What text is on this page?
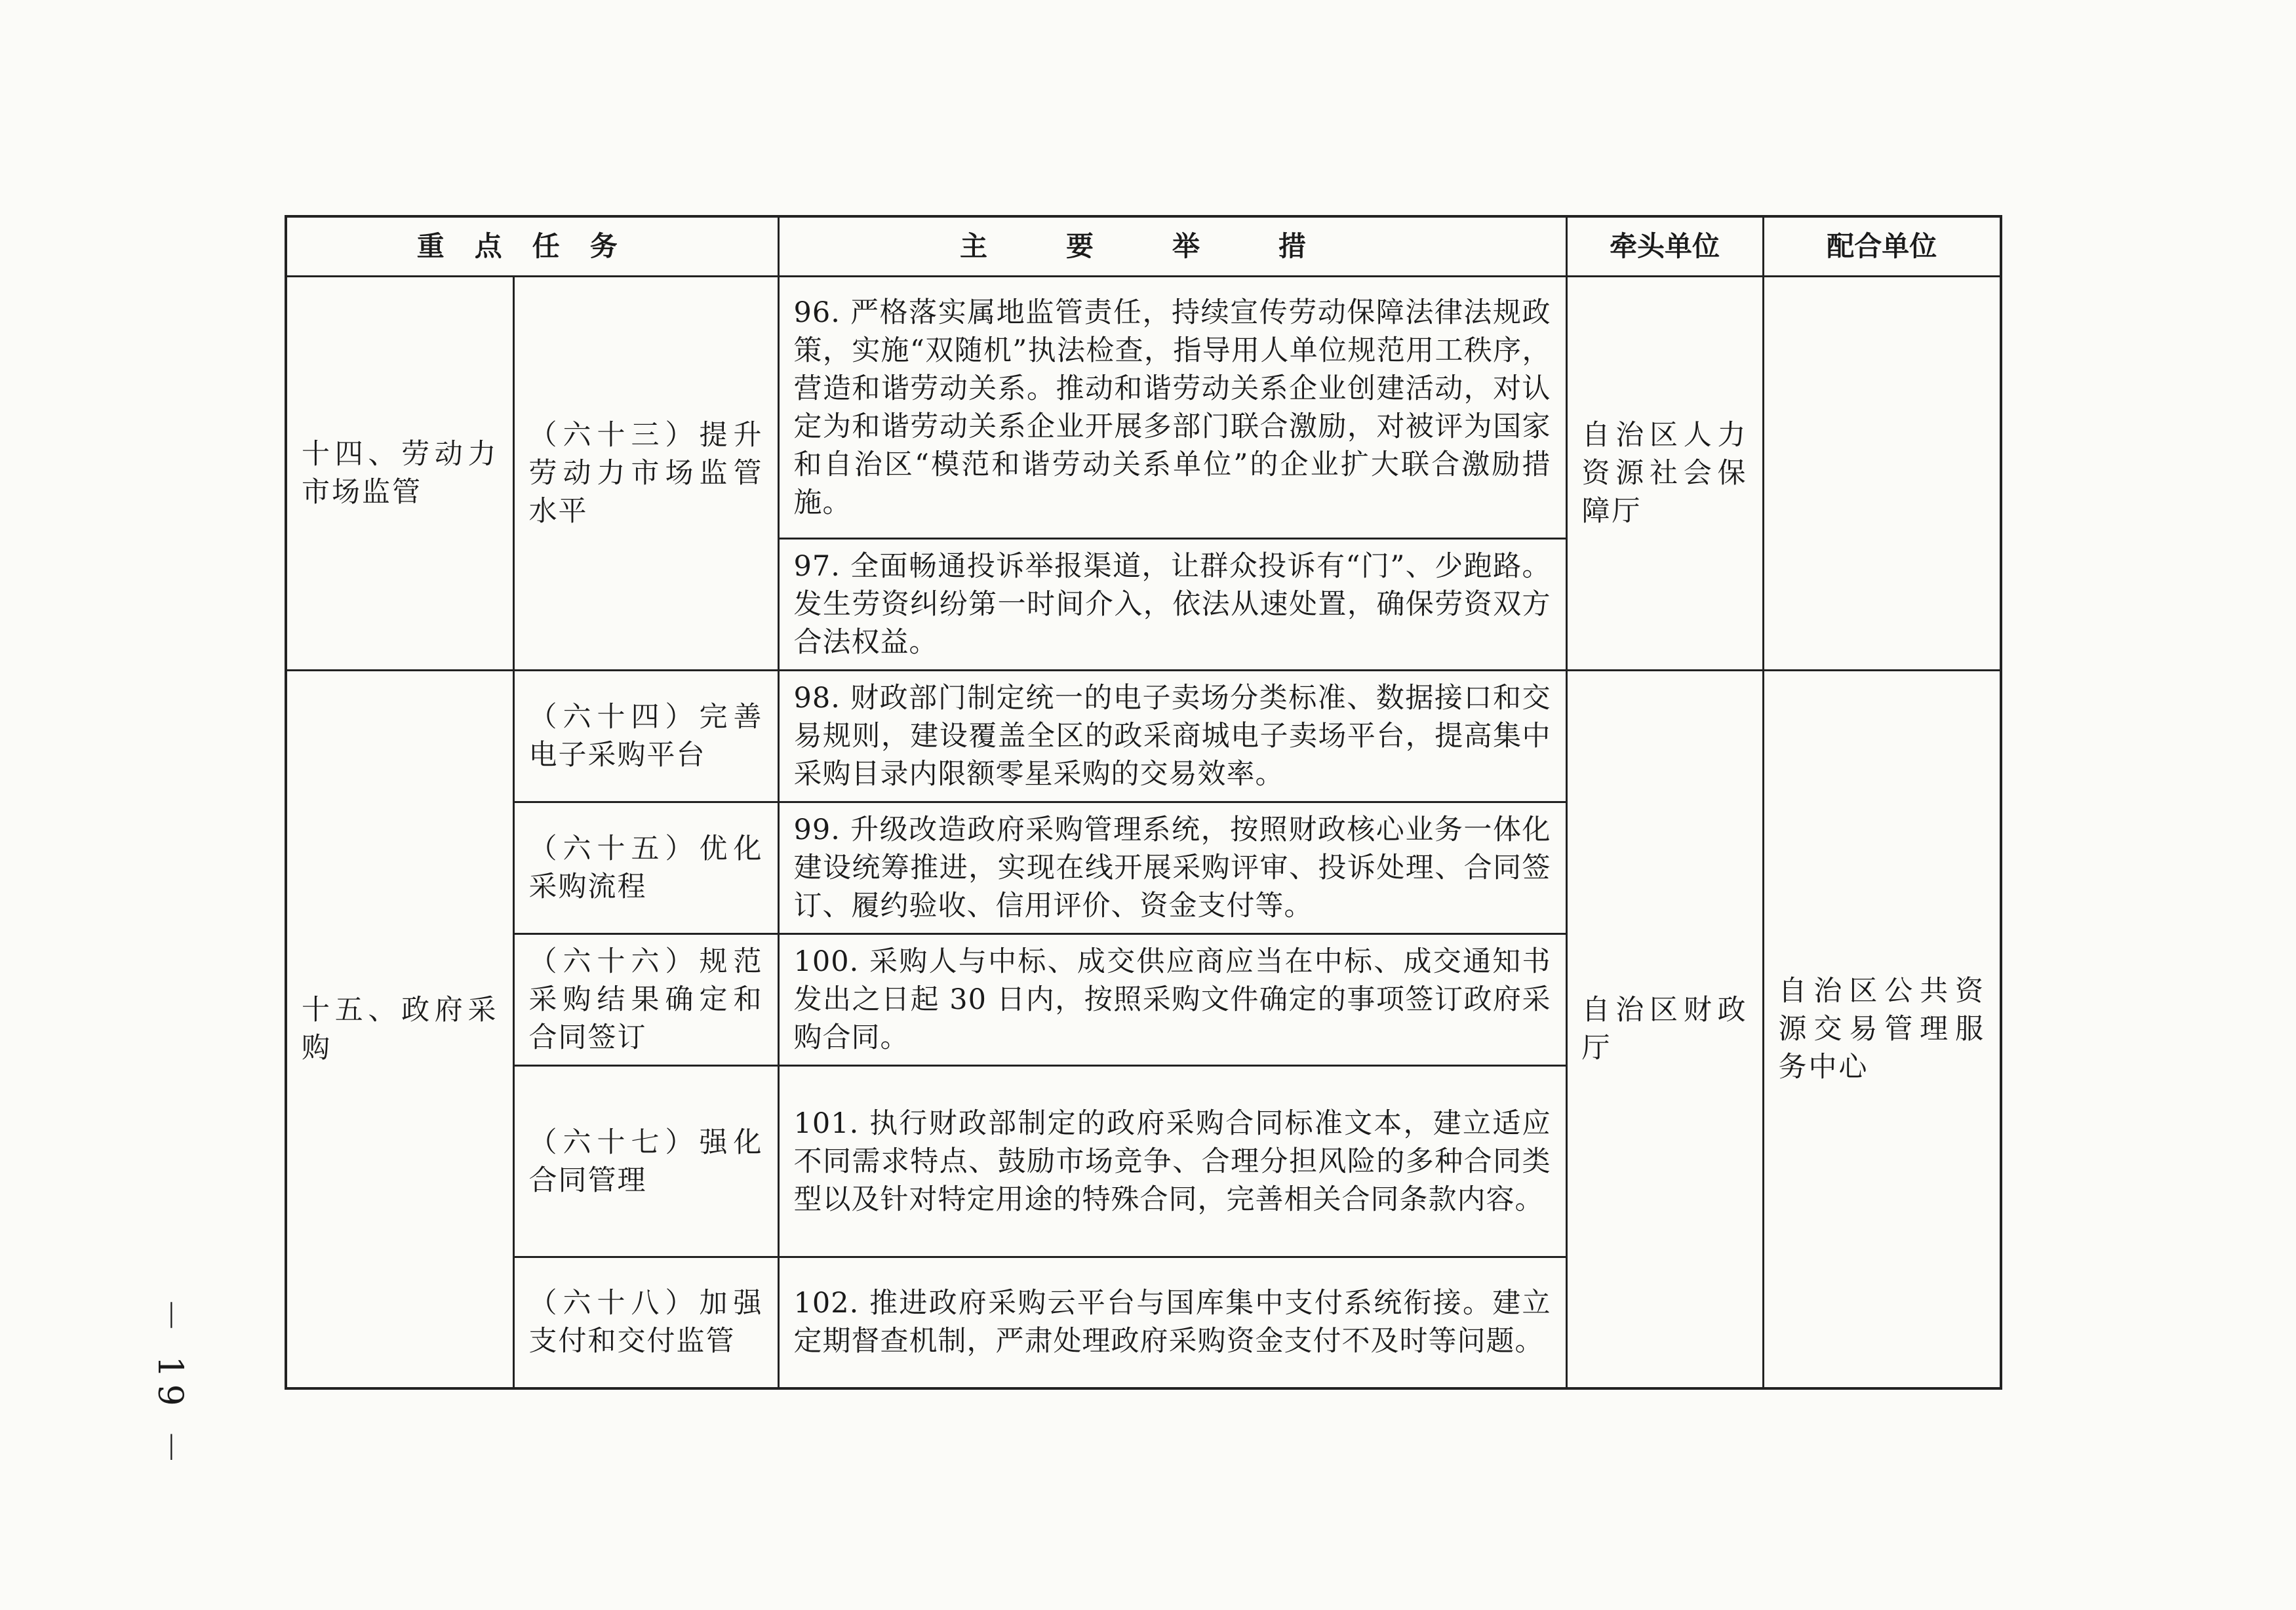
重点任务		主要举措	牵头单位	配合单位
十四、劳动力市场监管	（六十三）提升劳动力市场监管水平	96. 严格落实属地监管责任，持续宣传劳动保障法律法规政策，实施“双随机”执法检查，指导用人单位规范用工秩序，营造和谐劳动关系。推动和谐劳动关系企业创建活动，对认定为和谐劳动关系企业开展多部门联合激励，对被评为国家和自治区“模范和谐劳动关系单位”的企业扩大联合激励措施。	自治区人力资源社会保障厅	
		97. 全面畅通投诉举报渠道，让群众投诉有“门”、少跑路。发生劳资纠纷第一时间介入，依法从速处置，确保劳资双方合法权益。		
十五、政府采购	（六十四）完善电子采购平台	98. 财政部门制定统一的电子卖场分类标准、数据接口和交易规则，建设覆盖全区的政采商城电子卖场平台，提高集中采购目录内限额零星采购的交易效率。	自治区财政厅	自治区公共资源交易管理服务中心
	（六十五）优化采购流程	99. 升级改造政府采购管理系统，按照财政核心业务一体化建设统筹推进，实现在线开展采购评审、投诉处理、合同签订、履约验收、信用评价、资金支付等。		
	（六十六）规范采购结果确定和合同签订	100. 采购人与中标、成交供应商应当在中标、成交通知书发出之日起 30 日内，按照采购文件确定的事项签订政府采购合同。		
	（六十七）强化合同管理	101. 执行财政部制定的政府采购合同标准文本，建立适应不同需求特点、鼓励市场竞争、合理分担风险的多种合同类型以及针对特定用途的特殊合同，完善相关合同条款内容。		
	（六十八）加强支付和交付监管	102. 推进政府采购云平台与国库集中支付系统衔接。建立定期督查机制，严肃处理政府采购资金支付不及时等问题。		
－ 19 －
